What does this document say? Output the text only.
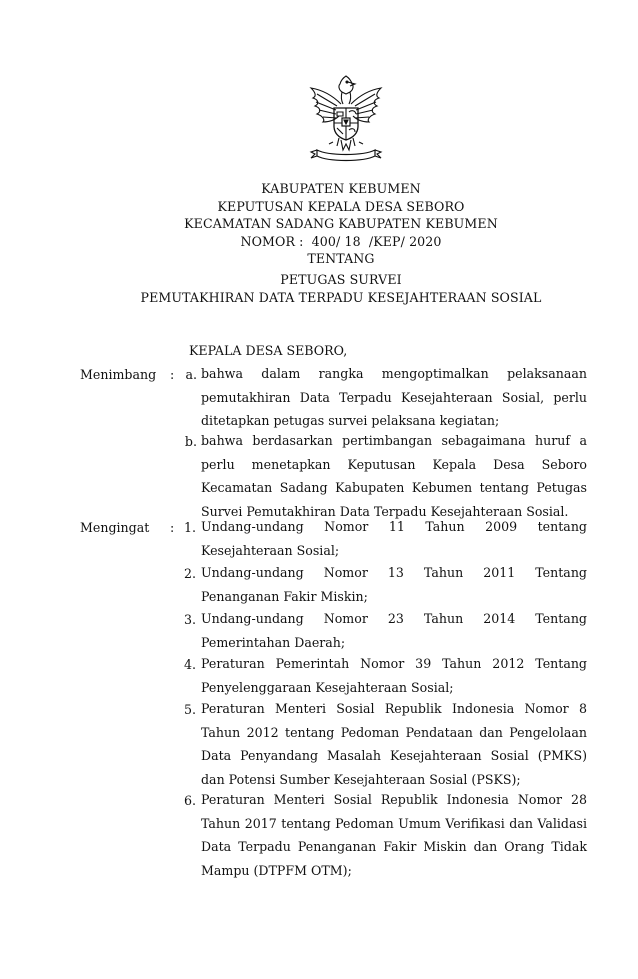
KABUPATEN KEBUMEN
KEPUTUSAN KEPALA DESA SEBORO
KECAMATAN SADANG KABUPATEN KEBUMEN
NOMOR :  400/ 18  /KEP/ 2020
TENTANG
PETUGAS SURVEI
PEMUTAKHIRAN DATA TERPADU KESEJAHTERAAN SOSIAL
KEPALA DESA SEBORO,
Menimbang : a. bahwa dalam rangka mengoptimalkan pelaksanaan pemutakhiran Data Terpadu Kesejahteraan Sosial, perlu ditetapkan petugas survei pelaksana kegiatan;
b. bahwa berdasarkan pertimbangan sebagaimana huruf a perlu menetapkan Keputusan Kepala Desa Seboro Kecamatan Sadang Kabupaten Kebumen tentang Petugas Survei Pemutakhiran Data Terpadu Kesejahteraan Sosial.
Mengingat : 1. Undang-undang Nomor 11 Tahun 2009 tentang Kesejahteraan Sosial;
2. Undang-undang Nomor 13 Tahun 2011 Tentang Penanganan Fakir Miskin;
3. Undang-undang Nomor 23 Tahun 2014 Tentang Pemerintahan Daerah;
4. Peraturan Pemerintah Nomor 39 Tahun 2012 Tentang Penyelenggaraan Kesejahteraan Sosial;
5. Peraturan Menteri Sosial Republik Indonesia Nomor 8 Tahun 2012 tentang Pedoman Pendataan dan Pengelolaan Data Penyandang Masalah Kesejahteraan Sosial (PMKS) dan Potensi Sumber Kesejahteraan Sosial (PSKS);
6. Peraturan Menteri Sosial Republik Indonesia Nomor 28 Tahun 2017 tentang Pedoman Umum Verifikasi dan Validasi Data Terpadu Penanganan Fakir Miskin dan Orang Tidak Mampu (DTPFM OTM);
